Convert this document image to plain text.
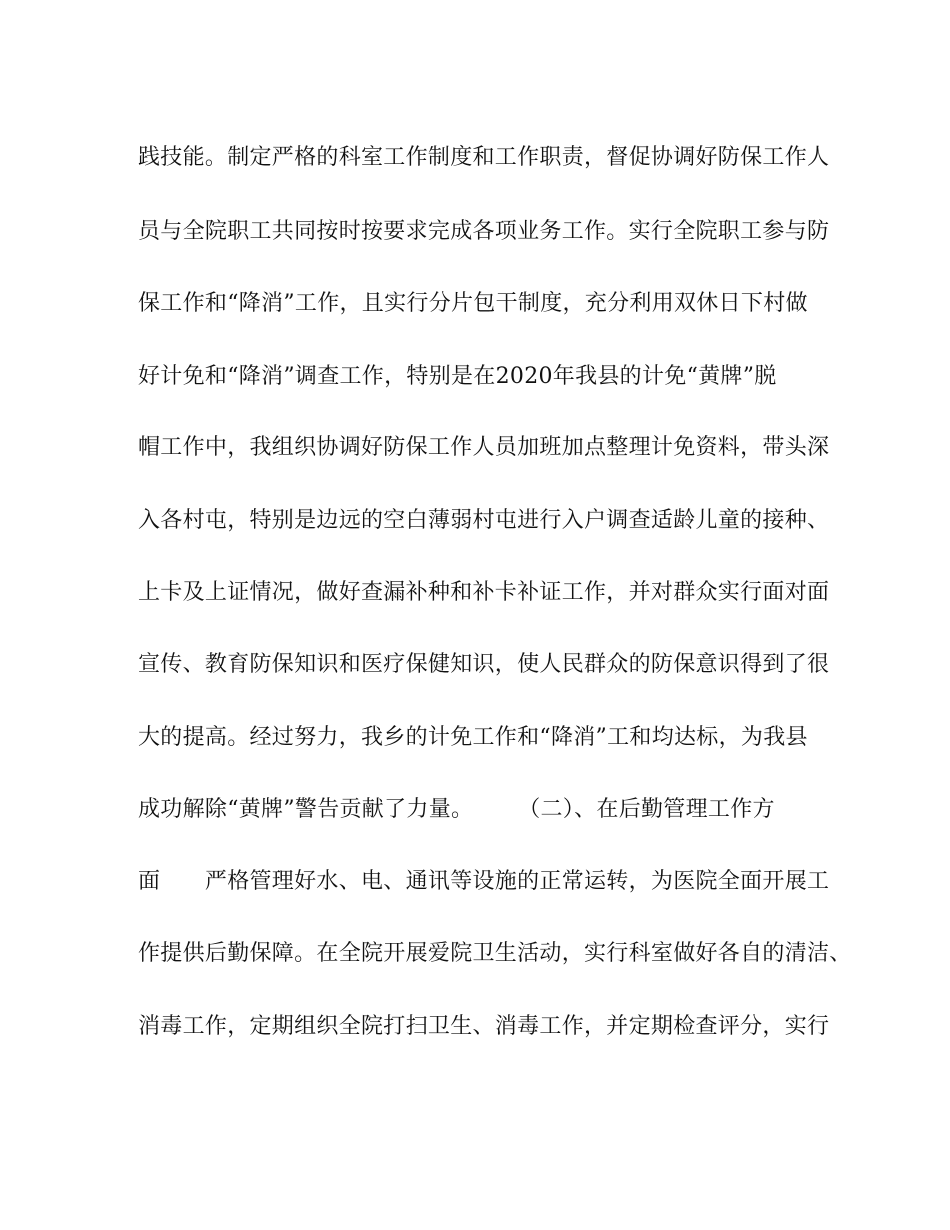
践技能。制定严格的科室工作制度和工作职责，督促协调好防保工作人
员与全院职工共同按时按要求完成各项业务工作。实行全院职工参与防
保工作和“降消”工作，且实行分片包干制度，充分利用双休日下村做
好计免和“降消”调查工作，特别是在2020年我县的计免“黄牌”脱
帽工作中，我组织协调好防保工作人员加班加点整理计免资料，带头深
入各村屯，特别是边远的空白薄弱村屯进行入户调查适龄儿童的接种、
上卡及上证情况，做好查漏补种和补卡补证工作，并对群众实行面对面
宣传、教育防保知识和医疗保健知识，使人民群众的防保意识得到了很
大的提高。经过努力，我乡的计免工作和“降消”工和均达标，为我县
成功解除“黄牌”警告贡献了力量。　　　（二）、在后勤管理工作方
面　　严格管理好水、电、通讯等设施的正常运转，为医院全面开展工
作提供后勤保障。在全院开展爱院卫生活动，实行科室做好各自的清洁、
消毒工作，定期组织全院打扫卫生、消毒工作，并定期检查评分，实行
